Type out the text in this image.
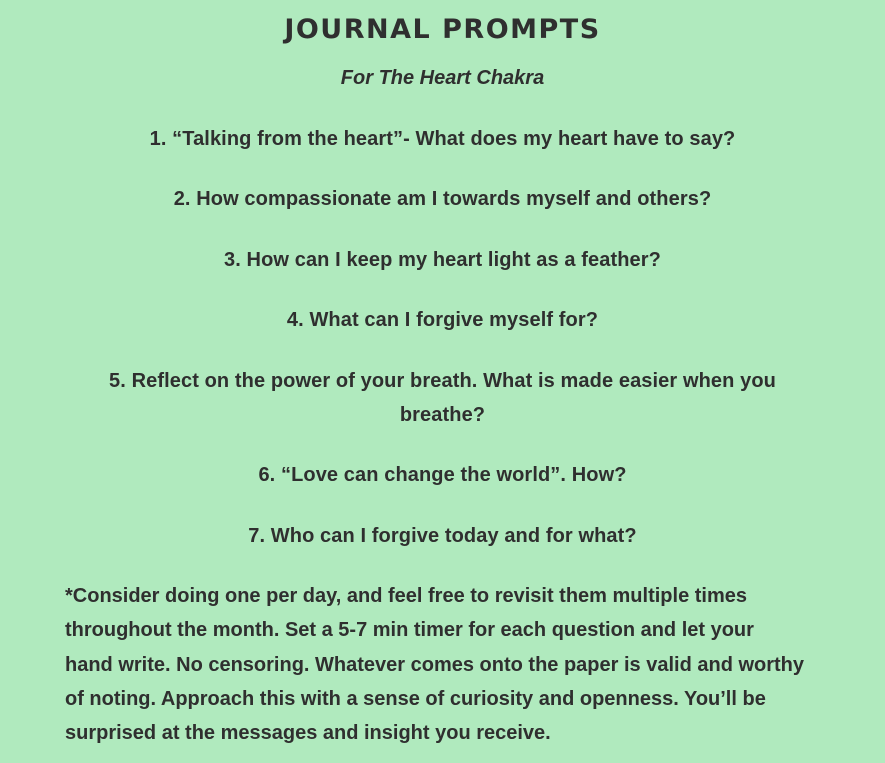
JOURNAL PROMPTS
For The Heart Chakra
1. “Talking from the heart”- What does my heart have to say?
2. How compassionate am I towards myself and others?
3. How can I keep my heart light as a feather?
4. What can I forgive myself for?
5. Reflect on the power of your breath. What is made easier when you breathe?
6. “Love can change the world”. How?
7. Who can I forgive today and for what?

*Consider doing one per day, and feel free to revisit them multiple times throughout the month. Set a 5-7 min timer for each question and let your hand write. No censoring. Whatever comes onto the paper is valid and worthy of noting. Approach this with a sense of curiosity and openness. You’ll be surprised at the messages and insight you receive.
